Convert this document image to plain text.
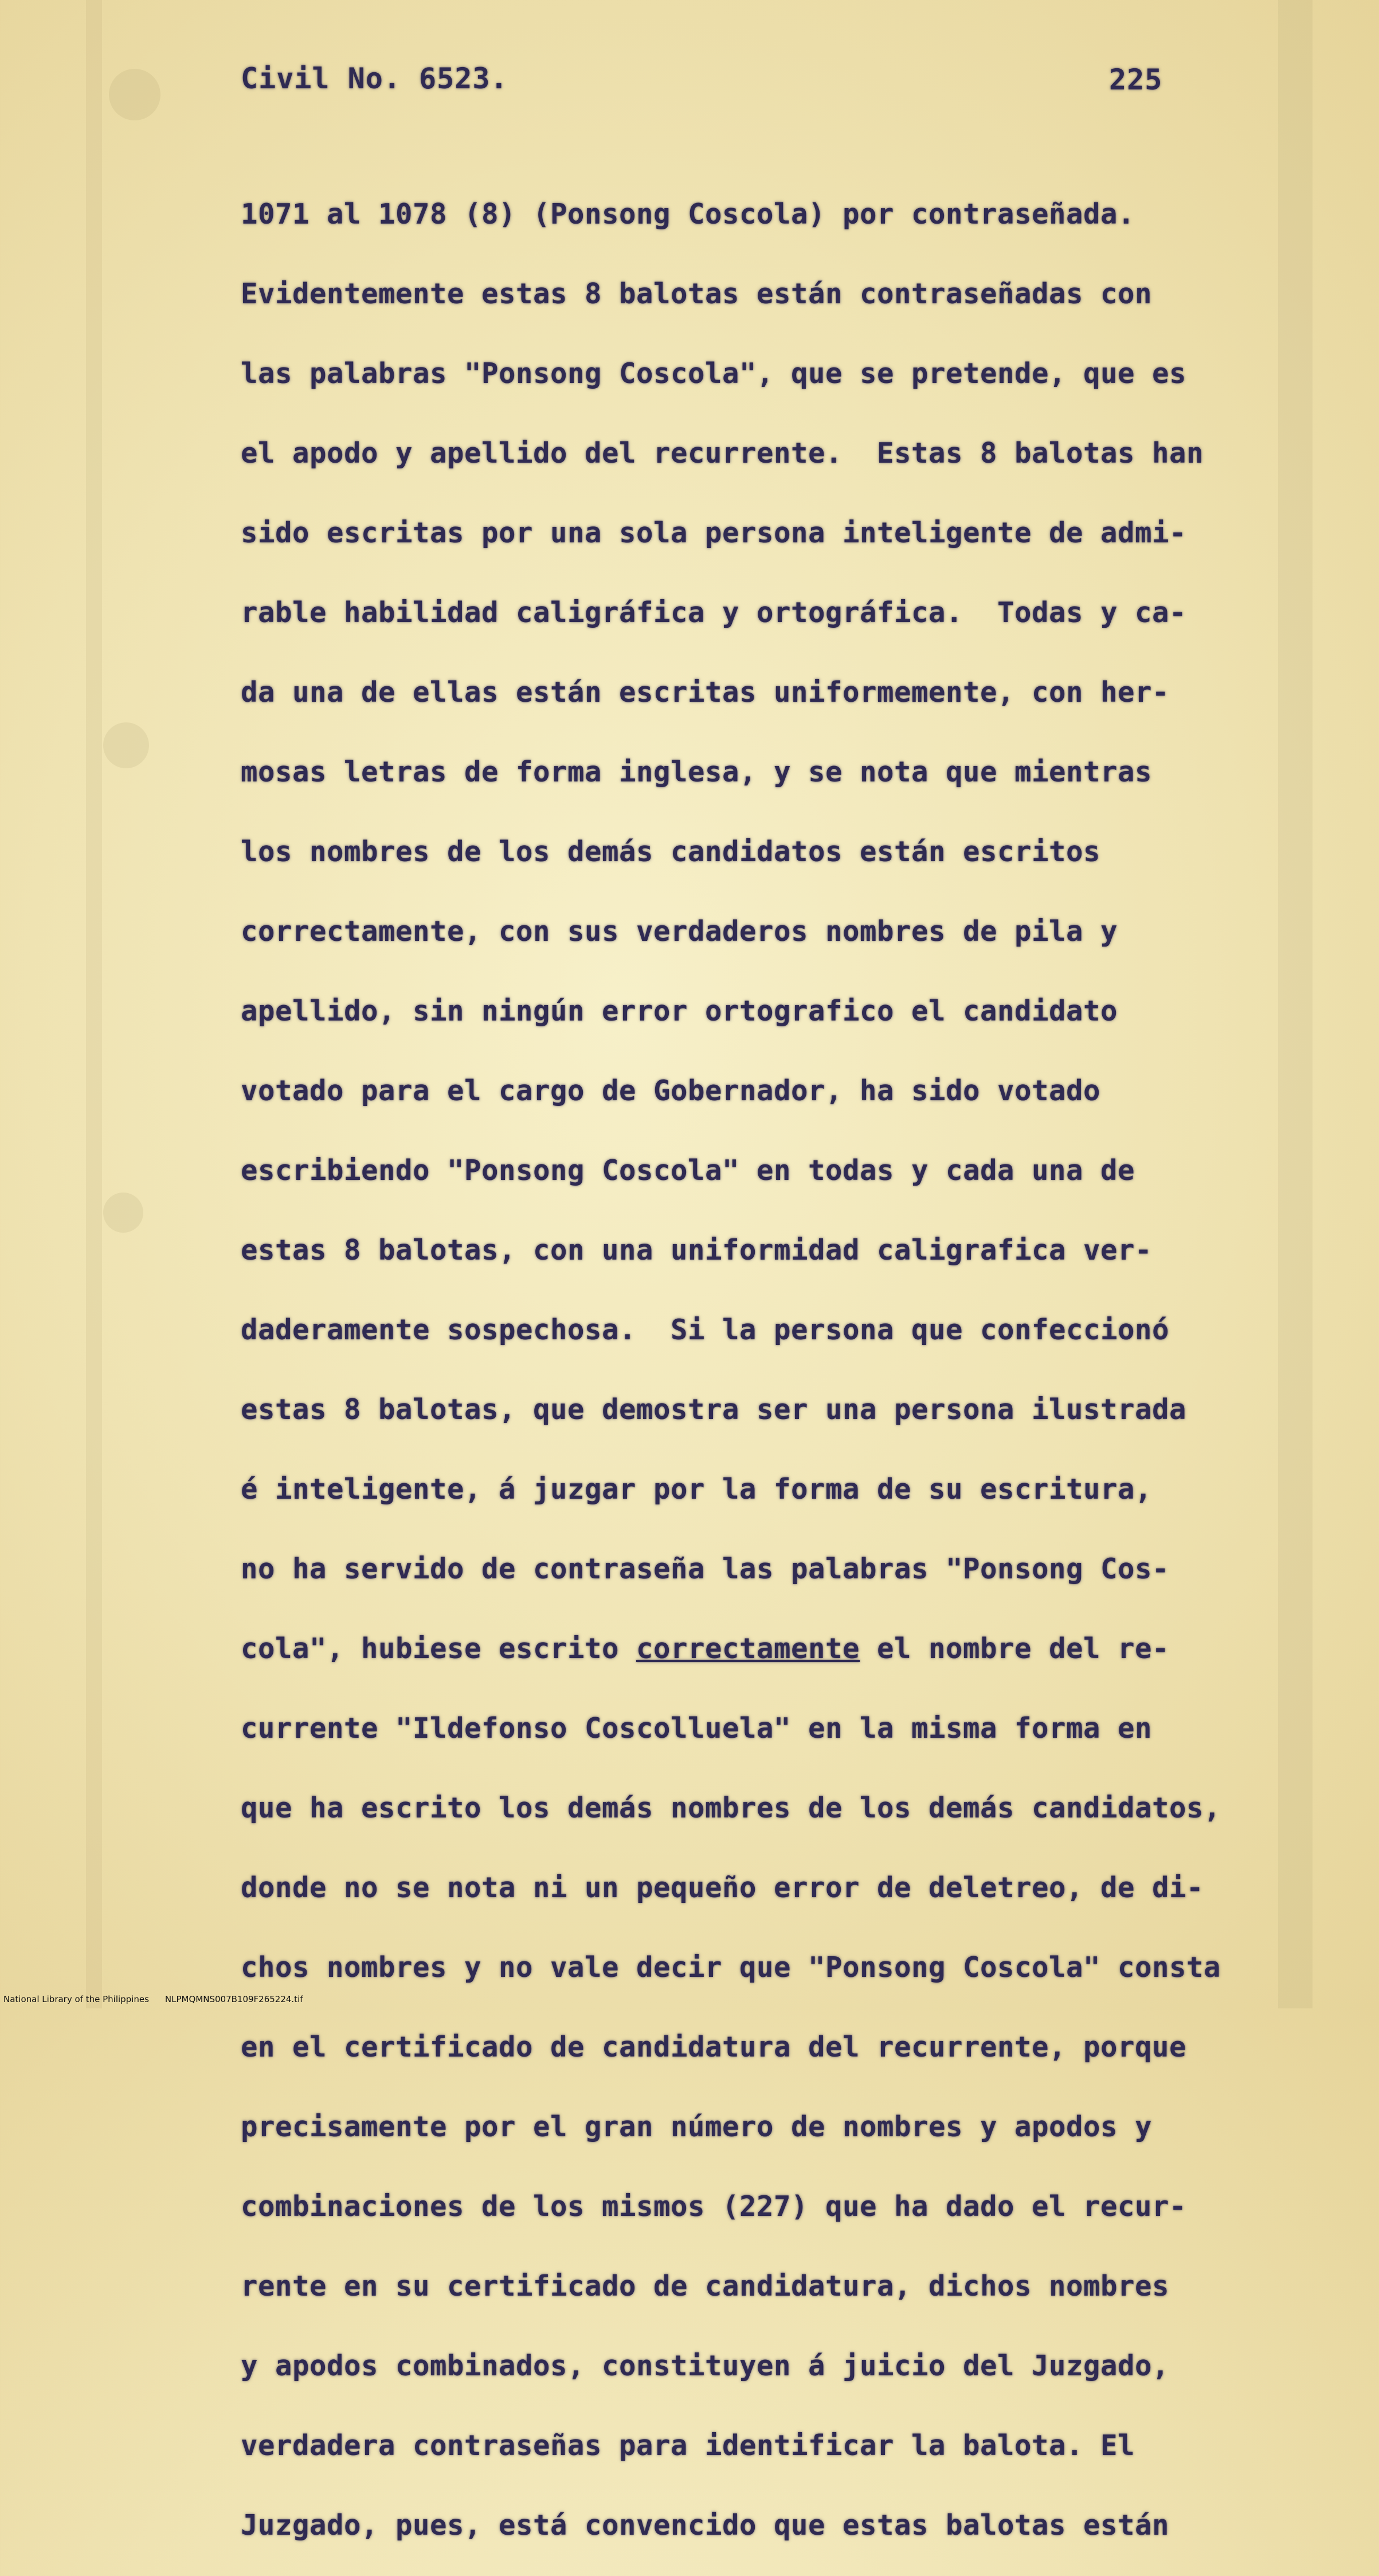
Civil No. 6523.	225

1071 al 1078 (8) (Ponsong Coscola) por contraseñada.

Evidentemente estas 8 balotas están contraseñadas con

las palabras "Ponsong Coscola", que se pretende, que es

el apodo y apellido del recurrente.  Estas 8 balotas han

sido escritas por una sola persona inteligente de admi-

rable habilidad caligráfica y ortográfica.  Todas y ca-

da una de ellas están escritas uniformemente, con her-

mosas letras de forma inglesa, y se nota que mientras

los nombres de los demás candidatos están escritos

correctamente, con sus verdaderos nombres de pila y

apellido, sin ningún error ortografico el candidato

votado para el cargo de Gobernador, ha sido votado

escribiendo "Ponsong Coscola" en todas y cada una de

estas 8 balotas, con una uniformidad caligrafica ver-

daderamente sospechosa.  Si la persona que confeccionó

estas 8 balotas, que demostra ser una persona ilustrada

é inteligente, á juzgar por la forma de su escritura,

no ha servido de contraseña las palabras "Ponsong Cos-

cola", hubiese escrito correctamente el nombre del re-

currente "Ildefonso Coscolluela" en la misma forma en

que ha escrito los demás nombres de los demás candidatos,

donde no se nota ni un pequeño error de deletreo, de di-

chos nombres y no vale decir que "Ponsong Coscola" consta

en el certificado de candidatura del recurrente, porque

precisamente por el gran número de nombres y apodos y

combinaciones de los mismos (227) que ha dado el recur-

rente en su certificado de candidatura, dichos nombres

y apodos combinados, constituyen á juicio del Juzgado,

verdadera contraseñas para identificar la balota. El

Juzgado, pues, está convencido que estas balotas están

National Library of the Philippines NLPMQMNS007B109F265224.tif
